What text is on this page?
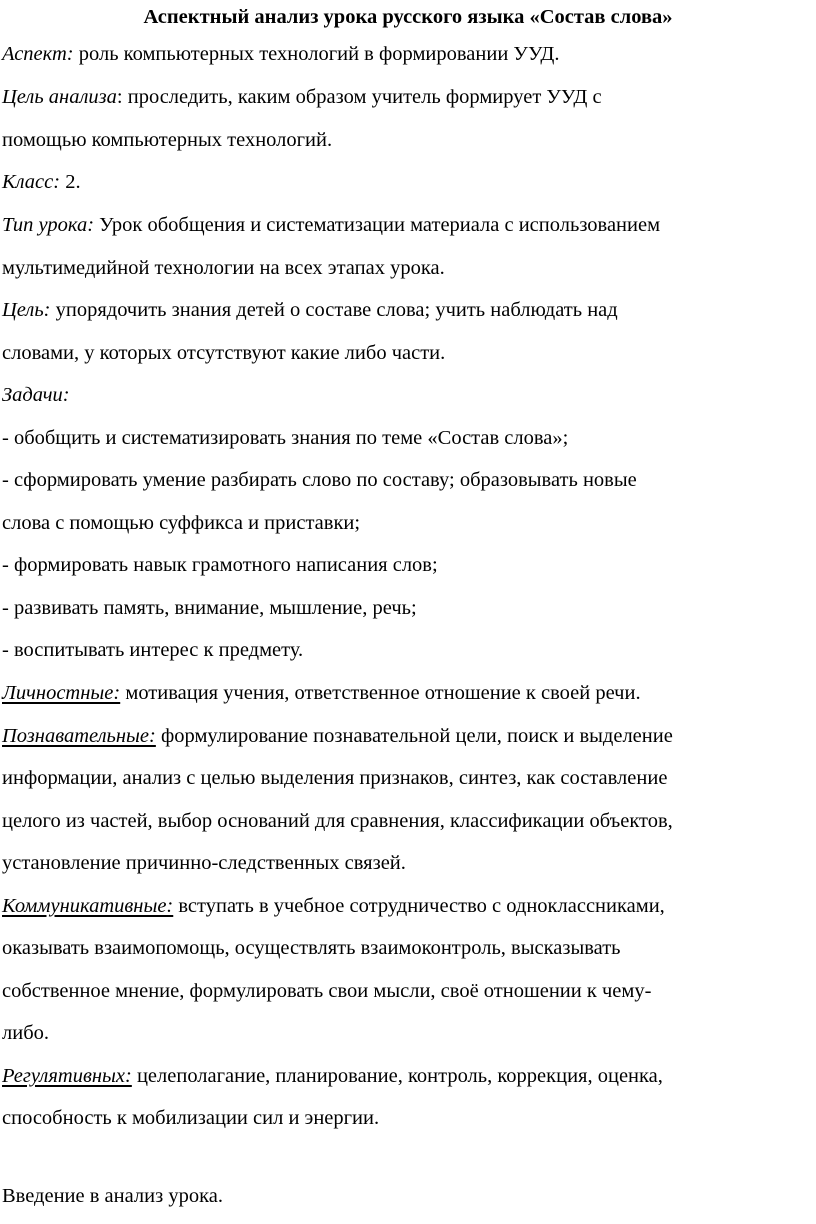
Аспектный анализ урока русского языка «Состав слова»
Аспект: роль компьютерных технологий в формировании УУД.
Цель анализа: проследить, каким образом учитель формирует УУД с
помощью компьютерных технологий.
Класс: 2.
Тип урока: Урок обобщения и систематизации материала с использованием
мультимедийной технологии на всех этапах урока.
Цель: упорядочить знания детей о составе слова; учить наблюдать над
словами, у которых отсутствуют какие либо части.
Задачи:
- обобщить и систематизировать знания по теме «Состав слова»;
- сформировать умение разбирать слово по составу; образовывать новые
слова с помощью суффикса и приставки;
- формировать навык грамотного написания слов;
- развивать память, внимание, мышление, речь;
- воспитывать интерес к предмету.
Личностные: мотивация учения, ответственное отношение к своей речи.
Познавательные: формулирование познавательной цели, поиск и выделение
информации, анализ с целью выделения признаков, синтез, как составление
целого из частей, выбор оснований для сравнения, классификации объектов,
установление причинно-следственных связей.
Коммуникативные: вступать в учебное сотрудничество с одноклассниками,
оказывать взаимопомощь, осуществлять взаимоконтроль, высказывать
собственное мнение, формулировать свои мысли, своё отношении к чему-
либо.
Регулятивных: целеполагание, планирование, контроль, коррекция, оценка,
способность к мобилизации сил и энергии.
Введение в анализ урока.
